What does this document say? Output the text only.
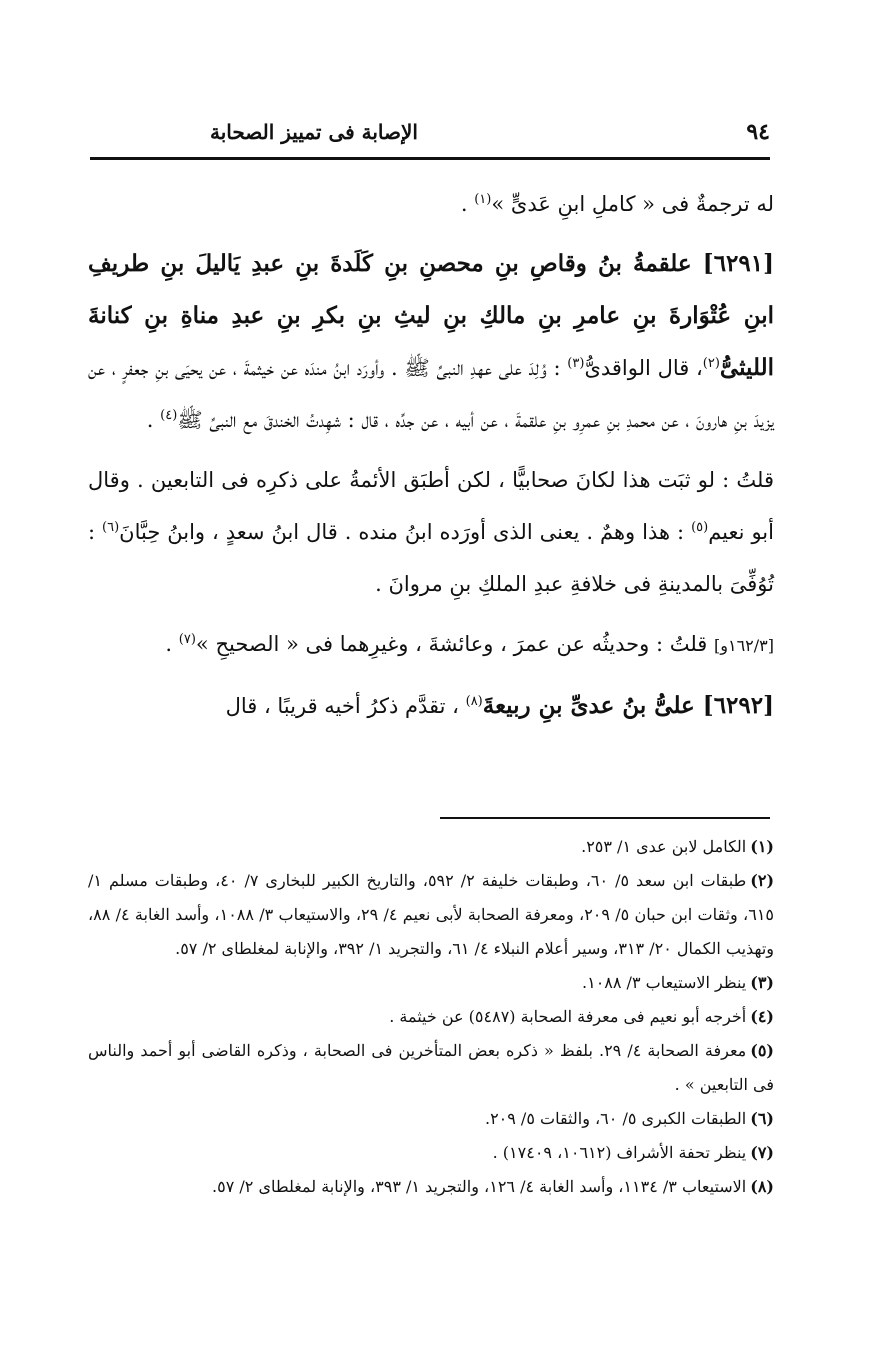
٩٤
الإصابة فى تمييز الصحابة

له ترجمةٌ فى « كاملِ ابنِ عَدىٍّ »$^{(١)}$ .

[٦٢٩١] علقمةُ بنُ وقاصِ بنِ محصنِ بنِ كَلَدةَ بنِ عبدِ يَاليلَ بنِ طريفِ ابنِ عُتْوَارةَ بنِ عامرِ بنِ مالكِ بنِ ليثِ بنِ بكرِ بنِ عبدِ مناةِ بنِ كنانةَ الليثىُّ$^{(٢)}$، قال الواقدىُّ$^{(٣)}$ : وُلِدَ على عهدِ النبىِّ ﷺ . وأورَد ابنُ مندَه عن خيثمةَ ، عن يحيَى بنِ جعفرٍ ، عن يزيدَ بنِ هارونَ ، عن محمدِ بنِ عمرِو بنِ علقمةَ ، عن أبيه ، عن جدِّه ، قال : شهِدتُ الخندقَ مع النبىِّ ﷺ$^{(٤)}$ .

قلتُ : لو ثبَت هذا لكانَ صحابيًّا ، لكن أطبَق الأئمةُ على ذكرِه فى التابعين . وقال أبو نعيم$^{(٥)}$ : هذا وهمٌ . يعنى الذى أورَده ابنُ منده . قال ابنُ سعدٍ ، وابنُ حِبَّانَ$^{(٦)}$ : تُوُفِّىَ بالمدينةِ فى خلافةِ عبدِ الملكِ بنِ مروانَ .

[١٦٢/٣و] قلتُ : وحديثُه عن عمرَ ، وعائشةَ ، وغيرِهما فى « الصحيحِ »$^{(٧)}$ .

[٦٢٩٢] علىُّ بنُ عدىِّ بنِ ربيعةَ$^{(٨)}$ ، تقدَّم ذكرُ أخيه قريبًا ، قال

(١)الكامل لابن عدى ١/ ٢٥٣.

(٢)طبقات ابن سعد ٥/ ٦٠، وطبقات خليفة ٢/ ٥٩٢، والتاريخ الكبير للبخارى ٧/ ٤٠، وطبقات مسلم ١/ ٦١٥، وثقات ابن حبان ٥/ ٢٠٩، ومعرفة الصحابة لأبى نعيم ٤/ ٢٩، والاستيعاب ٣/ ١٠٨٨، وأسد الغابة ٤/ ٨٨، وتهذيب الكمال ٢٠/ ٣١٣، وسير أعلام النبلاء ٤/ ٦١، والتجريد ١/ ٣٩٢، والإنابة لمغلطاى ٢/ ٥٧.

(٣)ينظر الاستيعاب ٣/ ١٠٨٨.

(٤)أخرجه أبو نعيم فى معرفة الصحابة (٥٤٨٧) عن خيثمة .

(٥)معرفة الصحابة ٤/ ٢٩. بلفظ « ذكره بعض المتأخرين فى الصحابة ، وذكره القاضى أبو أحمد والناس فى التابعين » .

(٦)الطبقات الكبرى ٥/ ٦٠، والثقات ٥/ ٢٠٩.

(٧)ينظر تحفة الأشراف (١٠٦١٢، ١٧٤٠٩) .

(٨)الاستيعاب ٣/ ١١٣٤، وأسد الغابة ٤/ ١٢٦، والتجريد ١/ ٣٩٣، والإنابة لمغلطاى ٢/ ٥٧.
